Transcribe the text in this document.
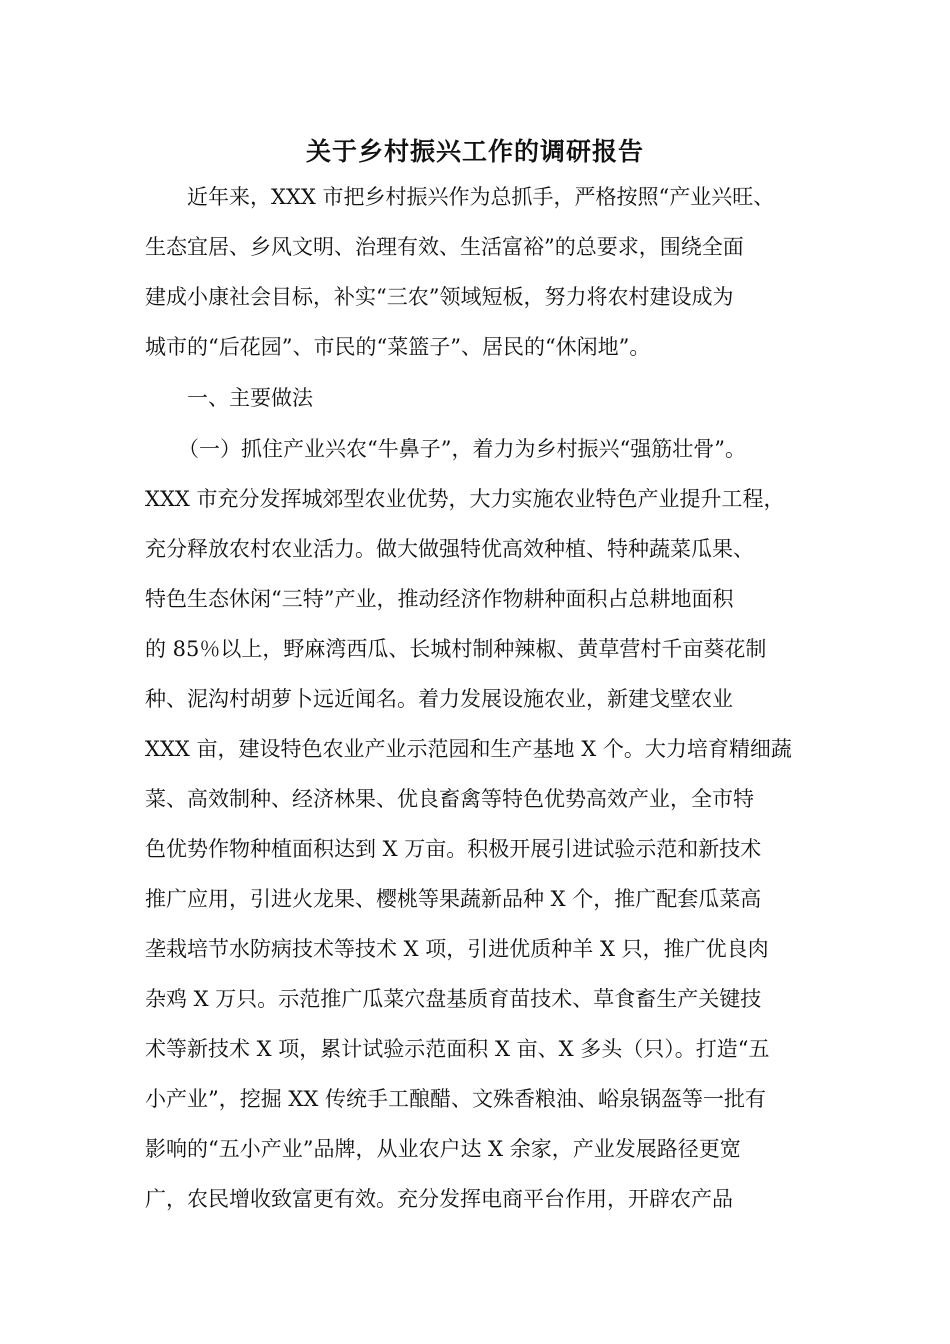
关于乡村振兴工作的调研报告
近年来，XXX 市把乡村振兴作为总抓手，严格按照“产业兴旺、
生态宜居、乡风文明、治理有效、生活富裕”的总要求，围绕全面
建成小康社会目标，补实“三农”领域短板，努力将农村建设成为
城市的“后花园”、市民的“菜篮子”、居民的“休闲地”。
一、主要做法
（一）抓住产业兴农“牛鼻子”，着力为乡村振兴“强筋壮骨”。
XXX 市充分发挥城郊型农业优势，大力实施农业特色产业提升工程，
充分释放农村农业活力。做大做强特优高效种植、特种蔬菜瓜果、
特色生态休闲“三特”产业，推动经济作物耕种面积占总耕地面积
的 85％以上，野麻湾西瓜、长城村制种辣椒、黄草营村千亩葵花制
种、泥沟村胡萝卜远近闻名。着力发展设施农业，新建戈壁农业
XXX 亩，建设特色农业产业示范园和生产基地 X 个。大力培育精细蔬
菜、高效制种、经济林果、优良畜禽等特色优势高效产业，全市特
色优势作物种植面积达到 X 万亩。积极开展引进试验示范和新技术
推广应用，引进火龙果、樱桃等果蔬新品种 X 个，推广配套瓜菜高
垄栽培节水防病技术等技术 X 项，引进优质种羊 X 只，推广优良肉
杂鸡 X 万只。示范推广瓜菜穴盘基质育苗技术、草食畜生产关键技
术等新技术 X 项，累计试验示范面积 X 亩、X 多头（只）。打造“五
小产业”，挖掘 XX 传统手工酿醋、文殊香粮油、峪泉锅盔等一批有
影响的“五小产业”品牌，从业农户达 X 余家，产业发展路径更宽
广，农民增收致富更有效。充分发挥电商平台作用，开辟农产品
